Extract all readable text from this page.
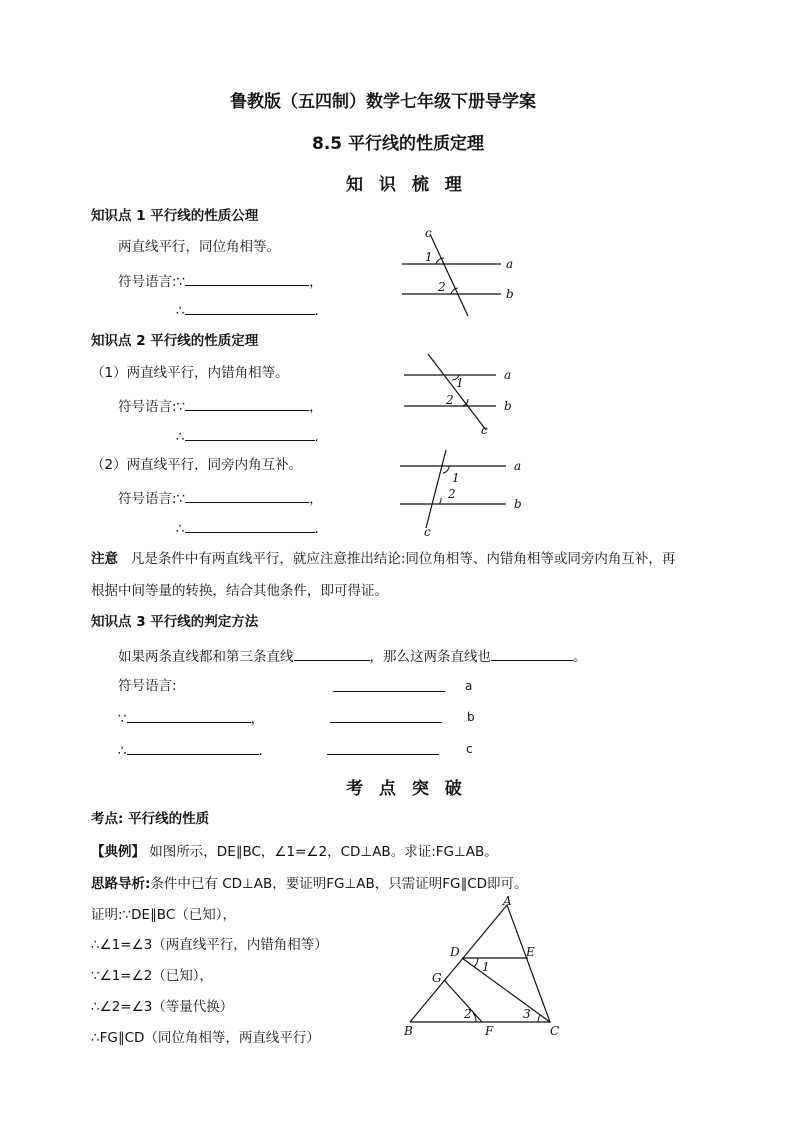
鲁教版（五四制）数学七年级下册导学案
8.5 平行线的性质定理
知 识 梳 理
知识点 1 平行线的性质公理
两直线平行，同位角相等。
符号语言:∵	，
∴	.
c
a
b
1
2
知识点 2 平行线的性质定理
（1）两直线平行，内错角相等。
符号语言:∵	，
∴	.
a
b
c
1
2
（2）两直线平行，同旁内角互补。
符号语言:∵	，
∴	.
a
b
c
1
2
注意 凡是条件中有两直线平行，就应注意推出结论:同位角相等、内错角相等或同旁内角互补，再
根据中间等量的转换，结合其他条件，即可得证。
知识点 3 平行线的判定方法
如果两条直线都和第三条直线	，那么这两条直线也	。
符号语言:
∵	，
∴	.
a
b
c
考 点 突 破
考点: 平行线的性质
【典例】 如图所示，DE∥BC，∠1=∠2，CD⊥AB。求证:FG⊥AB。
思路导析:条件中已有 CD⊥AB，要证明FG⊥AB，只需证明FG∥CD即可。
证明:∵DE∥BC（已知），
∴∠1=∠3（两直线平行，内错角相等）
∵∠1=∠2（已知），
∴∠2=∠3（等量代换）
∴FG∥CD（同位角相等，两直线平行）
A
B	C
D	E
F
G
1
2	3
